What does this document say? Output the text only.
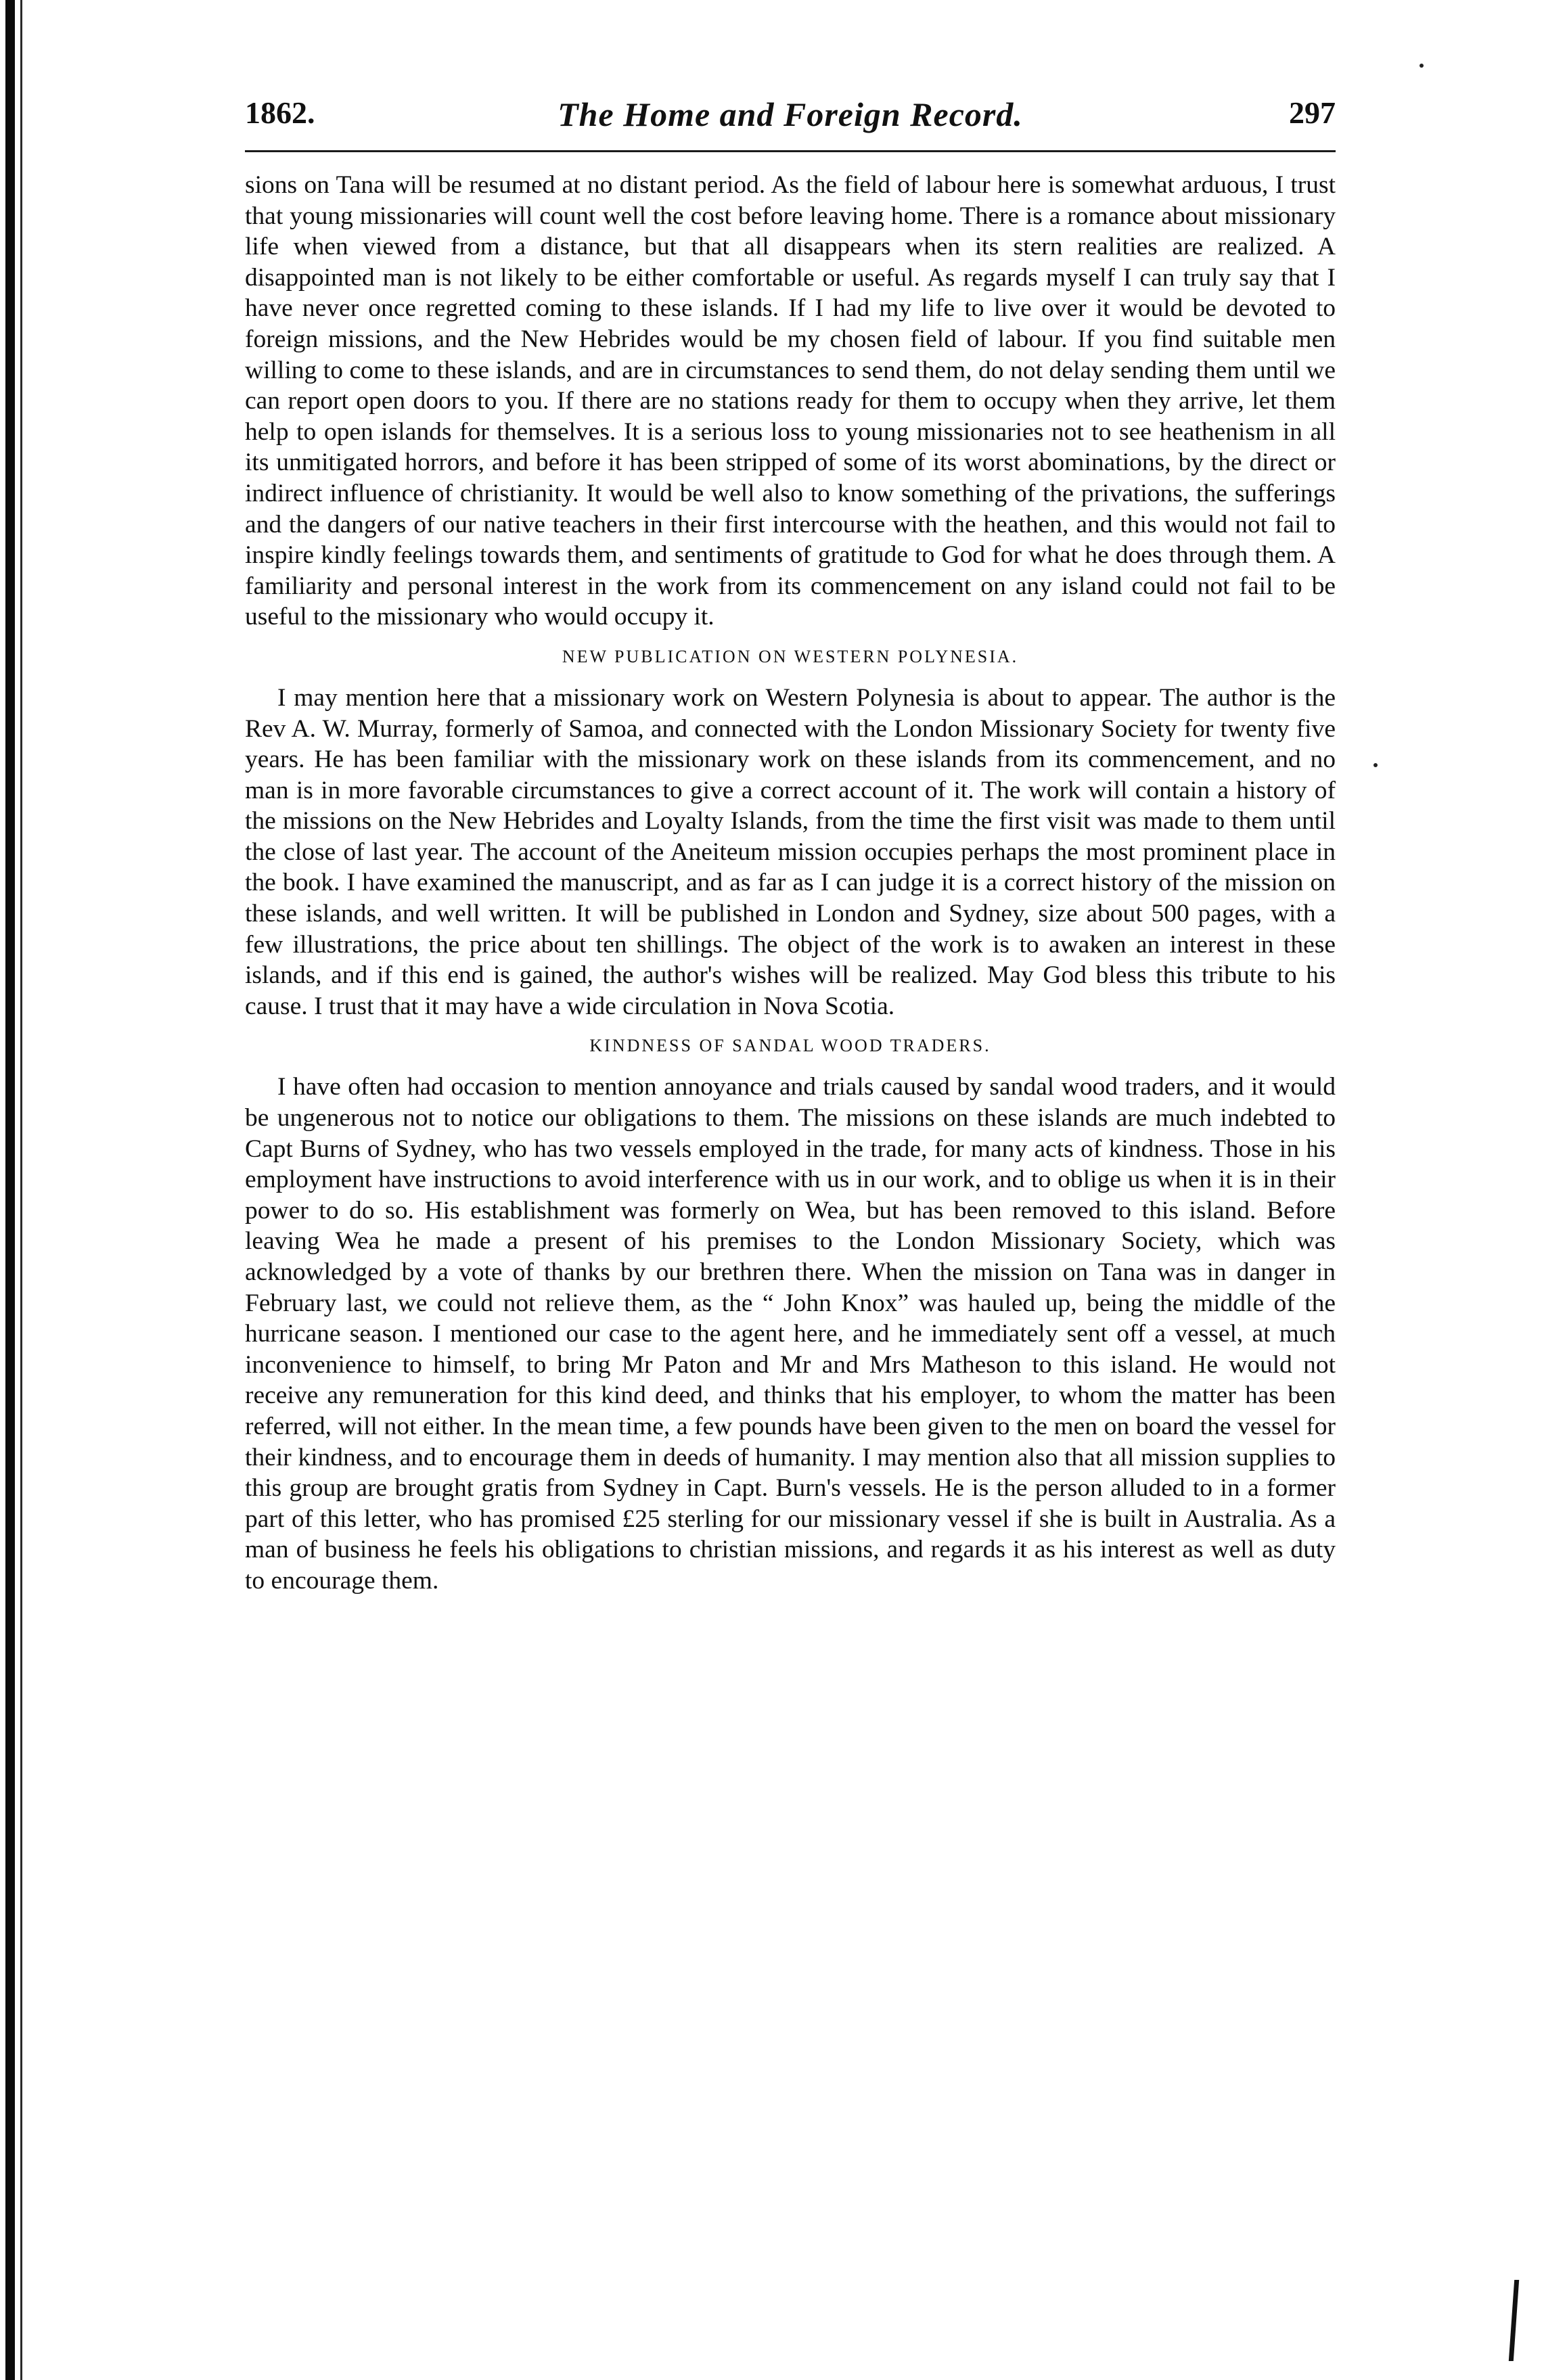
1862.	The Home and Foreign Record.	297

sions on Tana will be resumed at no distant period. As the field of labour here is somewhat arduous, I trust that young missionaries will count well the cost before leaving home. There is a romance about missionary life when viewed from a distance, but that all disappears when its stern realities are realized. A disappointed man is not likely to be either comfortable or useful. As regards myself I can truly say that I have never once regretted coming to these islands. If I had my life to live over it would be devoted to foreign missions, and the New Hebrides would be my chosen field of labour. If you find suitable men willing to come to these islands, and are in circumstances to send them, do not delay sending them until we can report open doors to you. If there are no stations ready for them to occupy when they arrive, let them help to open islands for themselves. It is a serious loss to young missionaries not to see heathenism in all its unmitigated horrors, and before it has been stripped of some of its worst abominations, by the direct or indirect influence of christianity. It would be well also to know something of the privations, the sufferings and the dangers of our native teachers in their first intercourse with the heathen, and this would not fail to inspire kindly feelings towards them, and sentiments of gratitude to God for what he does through them. A familiarity and personal interest in the work from its commencement on any island could not fail to be useful to the missionary who would occupy it.

NEW PUBLICATION ON WESTERN POLYNESIA.

I may mention here that a missionary work on Western Polynesia is about to appear. The author is the Rev A. W. Murray, formerly of Samoa, and connected with the London Missionary Society for twenty five years. He has been familiar with the missionary work on these islands from its commencement, and no man is in more favorable circumstances to give a correct account of it. The work will contain a history of the missions on the New Hebrides and Loyalty Islands, from the time the first visit was made to them until the close of last year. The account of the Aneiteum mission occupies perhaps the most prominent place in the book. I have examined the manuscript, and as far as I can judge it is a correct history of the mission on these islands, and well written. It will be published in London and Sydney, size about 500 pages, with a few illustrations, the price about ten shillings. The object of the work is to awaken an interest in these islands, and if this end is gained, the author's wishes will be realized. May God bless this tribute to his cause. I trust that it may have a wide circulation in Nova Scotia.

KINDNESS OF SANDAL WOOD TRADERS.

I have often had occasion to mention annoyance and trials caused by sandal wood traders, and it would be ungenerous not to notice our obligations to them. The missions on these islands are much indebted to Capt Burns of Sydney, who has two vessels employed in the trade, for many acts of kindness. Those in his employment have instructions to avoid interference with us in our work, and to oblige us when it is in their power to do so. His establishment was formerly on Wea, but has been removed to this island. Before leaving Wea he made a present of his premises to the London Missionary Society, which was acknowledged by a vote of thanks by our brethren there. When the mission on Tana was in danger in February last, we could not relieve them, as the “ John Knox” was hauled up, being the middle of the hurricane season. I mentioned our case to the agent here, and he immediately sent off a vessel, at much inconvenience to himself, to bring Mr Paton and Mr and Mrs Matheson to this island. He would not receive any remuneration for this kind deed, and thinks that his employer, to whom the matter has been referred, will not either. In the mean time, a few pounds have been given to the men on board the vessel for their kindness, and to encourage them in deeds of humanity. I may mention also that all mission supplies to this group are brought gratis from Sydney in Capt. Burn's vessels. He is the person alluded to in a former part of this letter, who has promised £25 sterling for our missionary vessel if she is built in Australia. As a man of business he feels his obligations to christian missions, and regards it as his interest as well as duty to encourage them.
